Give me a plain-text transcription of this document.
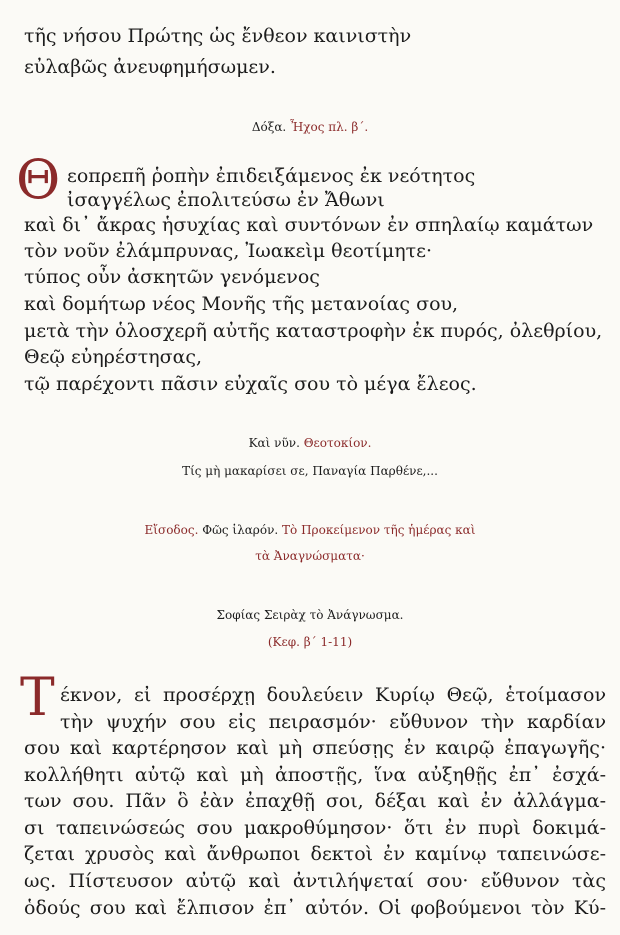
τῆς νήσου Πρώτης ὡς ἔνθεον καινιστὴν
εὐλαβῶς ἀνευφημήσωμεν.
Δόξα. Ἦχος πλ. β΄.
Θ εοπρεπῆ ῥοπὴν ἐπιδειξάμενος ἐκ νεότητος
ἰσαγγέλως ἐπολιτεύσω ἐν Ἄθωνι
καὶ δι᾽ ἄκρας ἡσυχίας καὶ συντόνων ἐν σπηλαίῳ καμάτων
τὸν νοῦν ἐλάμπρυνας, Ἰωακεὶμ θεοτίμητε·
τύπος οὖν ἀσκητῶν γενόμενος
καὶ δομήτωρ νέος Μονῆς τῆς μετανοίας σου,
μετὰ τὴν ὁλοσχερῆ αὐτῆς καταστροφὴν ἐκ πυρός, ὀλεθρίου,
Θεῷ εὐηρέστησας,
τῷ παρέχοντι πᾶσιν εὐχαῖς σου τὸ μέγα ἔλεος.
Καὶ νῦν. Θεοτοκίον.
Τίς μὴ μακαρίσει σε, Παναγία Παρθένε,...
Εἴσοδος. Φῶς ἱλαρόν. Τὸ Προκείμενον τῆς ἡμέρας καὶ
τὰ Ἀναγνώσματα·
Σοφίας Σειρὰχ τὸ Ἀνάγνωσμα.
(Κεφ. β΄ 1-11)
Τ έκνον, εἰ προσέρχῃ δουλεύειν Κυρίῳ Θεῷ, ἑτοίμασον
τὴν ψυχήν σου εἰς πειρασμόν· εὔθυνον τὴν καρδίαν
σου καὶ καρτέρησον καὶ μὴ σπεύσῃς ἐν καιρῷ ἐπαγωγῆς·
κολλήθητι αὐτῷ καὶ μὴ ἀποστῇς, ἵνα αὐξηθῇς ἐπ᾽ ἐσχά-
των σου. Πᾶν ὃ ἐὰν ἐπαχθῇ σοι, δέξαι καὶ ἐν ἀλλάγμα-
σι ταπεινώσεώς σου μακροθύμησον· ὅτι ἐν πυρὶ δοκιμά-
ζεται χρυσὸς καὶ ἄνθρωποι δεκτοὶ ἐν καμίνῳ ταπεινώσε-
ως. Πίστευσον αὐτῷ καὶ ἀντιλήψεταί σου· εὔθυνον τὰς
ὁδούς σου καὶ ἔλπισον ἐπ᾽ αὐτόν. Οἱ φοβούμενοι τὸν Κύ-
